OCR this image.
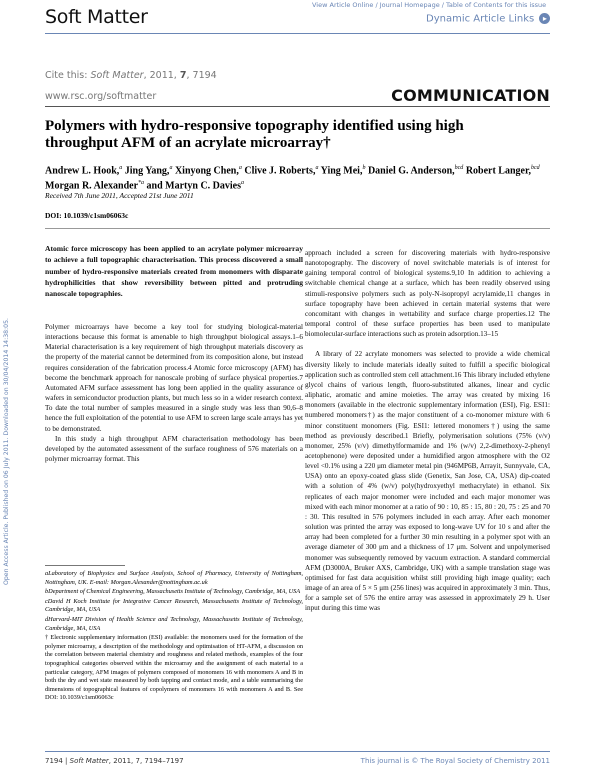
Soft Matter
View Article Online / Journal Homepage / Table of Contents for this issue
Dynamic Article Links ▸
Cite this: Soft Matter, 2011, 7, 7194
www.rsc.org/softmatter	COMMUNICATION
Polymers with hydro-responsive topography identified using high throughput AFM of an acrylate microarray†
Andrew L. Hook,$^a$ Jing Yang,$^a$ Xinyong Chen,$^a$ Clive J. Roberts,$^a$ Ying Mei,$^b$ Daniel G. Anderson,$^{bcd}$ Robert Langer,$^{bcd}$ Morgan R. Alexander$^{*a}$ and Martyn C. Davies$^a$
Received 7th June 2011, Accepted 21st June 2011
DOI: 10.1039/c1sm06063c
Open Access Article. Published on 06 July 2011. Downloaded on 30/04/2014 14:38:05.
Atomic force microscopy has been applied to an acrylate polymer microarray to achieve a full topographic characterisation. This process discovered a small number of hydro-responsive materials created from monomers with disparate hydrophilicities that show reversibility between pitted and protruding nanoscale topographies.

Polymer microarrays have become a key tool for studying biological-material interactions because this format is amenable to high throughput biological assays.1–6 Material characterisation is a key requirement of high throughput materials discovery as the property of the material cannot be determined from its composition alone, but instead requires consideration of the fabrication process.4 Atomic force microscopy (AFM) has become the benchmark approach for nanoscale probing of surface physical properties.7 Automated AFM surface assessment has long been applied in the quality assurance of wafers in semiconductor production plants, but much less so in a wider research context. To date the total number of samples measured in a single study was less than 90,6–8 hence the full exploitation of the potential to use AFM to screen large scale arrays has yet to be demonstrated.

In this study a high throughput AFM characterisation methodology has been developed by the automated assessment of the surface roughness of 576 materials on a polymer microarray format. This

aLaboratory of Biophysics and Surface Analysis, School of Pharmacy, University of Nottingham, Nottingham, UK. E-mail: Morgan.Alexander@nottingham.ac.uk
bDepartment of Chemical Engineering, Massachusetts Institute of Technology, Cambridge, MA, USA
cDavid H Koch Institute for Integrative Cancer Research, Massachusetts Institute of Technology, Cambridge, MA, USA
dHarvard-MIT Division of Health Science and Technology, Massachusetts Institute of Technology, Cambridge, MA, USA
† Electronic supplementary information (ESI) available: the monomers used for the formation of the polymer microarray, a description of the methodology and optimisation of HT-AFM, a discussion on the correlation between material chemistry and roughness and related methods, examples of the four topographical categories observed within the microarray and the assignment of each material to a particular category, AFM images of polymers composed of monomers 16 with monomers A and B in both the dry and wet state measured by both tapping and contact mode, and a table summarising the dimensions of topographical features of copolymers of monomers 16 with monomers A and B. See DOI: 10.1039/c1sm06063c

approach included a screen for discovering materials with hydro-responsive nanotopography. The discovery of novel switchable materials is of interest for gaining temporal control of biological systems.9,10 In addition to achieving a switchable chemical change at a surface, which has been readily observed using stimuli-responsive polymers such as poly-N-isopropyl acrylamide,11 changes in surface topography have been achieved in certain material systems that were concomitant with changes in wettability and surface charge properties.12 The temporal control of these surface properties has been used to manipulate biomolecular-surface interactions such as protein adsorption.13–15

A library of 22 acrylate monomers was selected to provide a wide chemical diversity likely to include materials ideally suited to fulfill a specific biological application such as controlled stem cell attachment.16 This library included ethylene glycol chains of various length, fluoro-substituted alkanes, linear and cyclic aliphatic, aromatic and amine moieties. The array was created by mixing 16 monomers (available in the electronic supplementary information (ESI), Fig. ESI1: numbered monomers†) as the major constituent of a co-monomer mixture with 6 minor constituent monomers (Fig. ESI1: lettered monomers†) using the same method as previously described.1 Briefly, polymerisation solutions (75% (v/v) monomer, 25% (v/v) dimethylformamide and 1% (w/v) 2,2-dimethoxy-2-phenyl acetophenone) were deposited under a humidified argon atmosphere with the O2 level <0.1% using a 220 μm diameter metal pin (946MP6B, Arrayit, Sunnyvale, CA, USA) onto an epoxy-coated glass slide (Genetix, San Jose, CA, USA) dip-coated with a solution of 4% (w/v) poly(hydroxyethyl methacrylate) in ethanol. Six replicates of each major monomer were included and each major monomer was mixed with each minor monomer at a ratio of 90 : 10, 85 : 15, 80 : 20, 75 : 25 and 70 : 30. This resulted in 576 polymers included in each array. After each monomer solution was printed the array was exposed to long-wave UV for 10 s and after the array had been completed for a further 30 min resulting in a polymer spot with an average diameter of 300 μm and a thickness of 17 μm. Solvent and unpolymerised monomer was subsequently removed by vacuum extraction. A standard commercial AFM (D3000A, Bruker AXS, Cambridge, UK) with a sample translation stage was optimised for fast data acquisition whilst still providing high image quality; each image of an area of 5 × 5 μm (256 lines) was acquired in approximately 3 min. Thus, for a sample set of 576 the entire array was assessed in approximately 29 h. User input during this time was

7194 | Soft Matter, 2011, 7, 7194–7197	This journal is © The Royal Society of Chemistry 2011
